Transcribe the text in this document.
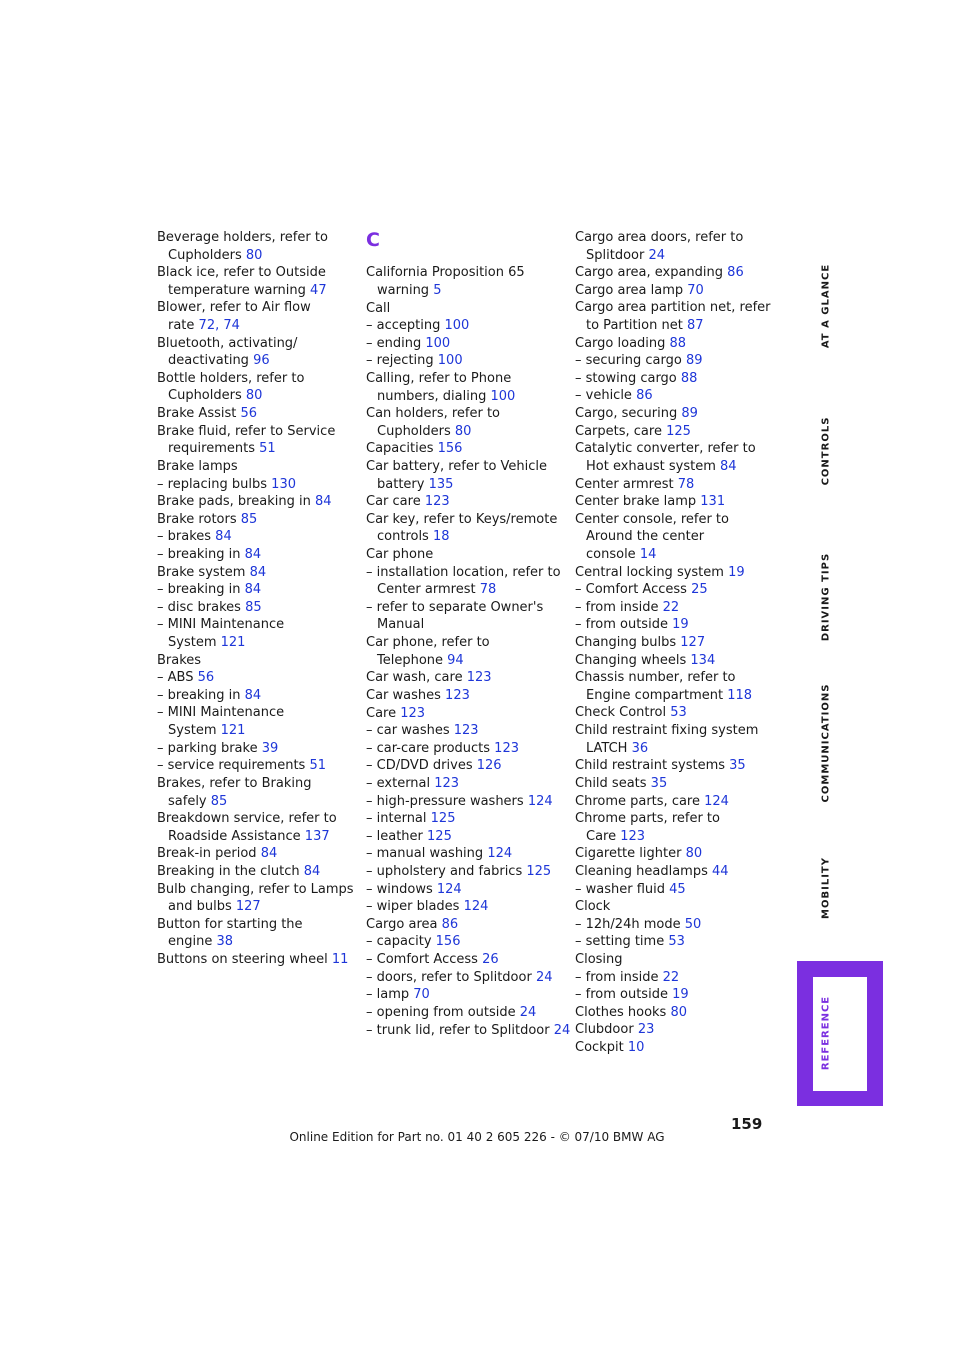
Beverage holders, refer to
Cupholders 80
Black ice, refer to Outside
temperature warning 47
Blower, refer to Air flow
rate 72, 74
Bluetooth, activating/
deactivating 96
Bottle holders, refer to
Cupholders 80
Brake Assist 56
Brake fluid, refer to Service
requirements 51
Brake lamps
– replacing bulbs 130
Brake pads, breaking in 84
Brake rotors 85
– brakes 84
– breaking in 84
Brake system 84
– breaking in 84
– disc brakes 85
– MINI Maintenance
System 121
Brakes
– ABS 56
– breaking in 84
– MINI Maintenance
System 121
– parking brake 39
– service requirements 51
Brakes, refer to Braking
safely 85
Breakdown service, refer to
Roadside Assistance 137
Break-in period 84
Breaking in the clutch 84
Bulb changing, refer to Lamps
and bulbs 127
Button for starting the
engine 38
Buttons on steering wheel 11
C
California Proposition 65
warning 5
Call
– accepting 100
– ending 100
– rejecting 100
Calling, refer to Phone
numbers, dialing 100
Can holders, refer to
Cupholders 80
Capacities 156
Car battery, refer to Vehicle
battery 135
Car care 123
Car key, refer to Keys/remote
controls 18
Car phone
– installation location, refer to
Center armrest 78
– refer to separate Owner's
Manual
Car phone, refer to
Telephone 94
Car wash, care 123
Car washes 123
Care 123
– car washes 123
– car-care products 123
– CD/DVD drives 126
– external 123
– high-pressure washers 124
– internal 125
– leather 125
– manual washing 124
– upholstery and fabrics 125
– windows 124
– wiper blades 124
Cargo area 86
– capacity 156
– Comfort Access 26
– doors, refer to Splitdoor 24
– lamp 70
– opening from outside 24
– trunk lid, refer to Splitdoor 24
Cargo area doors, refer to
Splitdoor 24
Cargo area, expanding 86
Cargo area lamp 70
Cargo area partition net, refer
to Partition net 87
Cargo loading 88
– securing cargo 89
– stowing cargo 88
– vehicle 86
Cargo, securing 89
Carpets, care 125
Catalytic converter, refer to
Hot exhaust system 84
Center armrest 78
Center brake lamp 131
Center console, refer to
Around the center
console 14
Central locking system 19
– Comfort Access 25
– from inside 22
– from outside 19
Changing bulbs 127
Changing wheels 134
Chassis number, refer to
Engine compartment 118
Check Control 53
Child restraint fixing system
LATCH 36
Child restraint systems 35
Child seats 35
Chrome parts, care 124
Chrome parts, refer to
Care 123
Cigarette lighter 80
Cleaning headlamps 44
– washer fluid 45
Clock
– 12h/24h mode 50
– setting time 53
Closing
– from inside 22
– from outside 19
Clothes hooks 80
Clubdoor 23
Cockpit 10
AT A GLANCE
CONTROLS
DRIVING TIPS
COMMUNICATIONS
MOBILITY
REFERENCE
159
Online Edition for Part no. 01 40 2 605 226 - © 07/10 BMW AG
